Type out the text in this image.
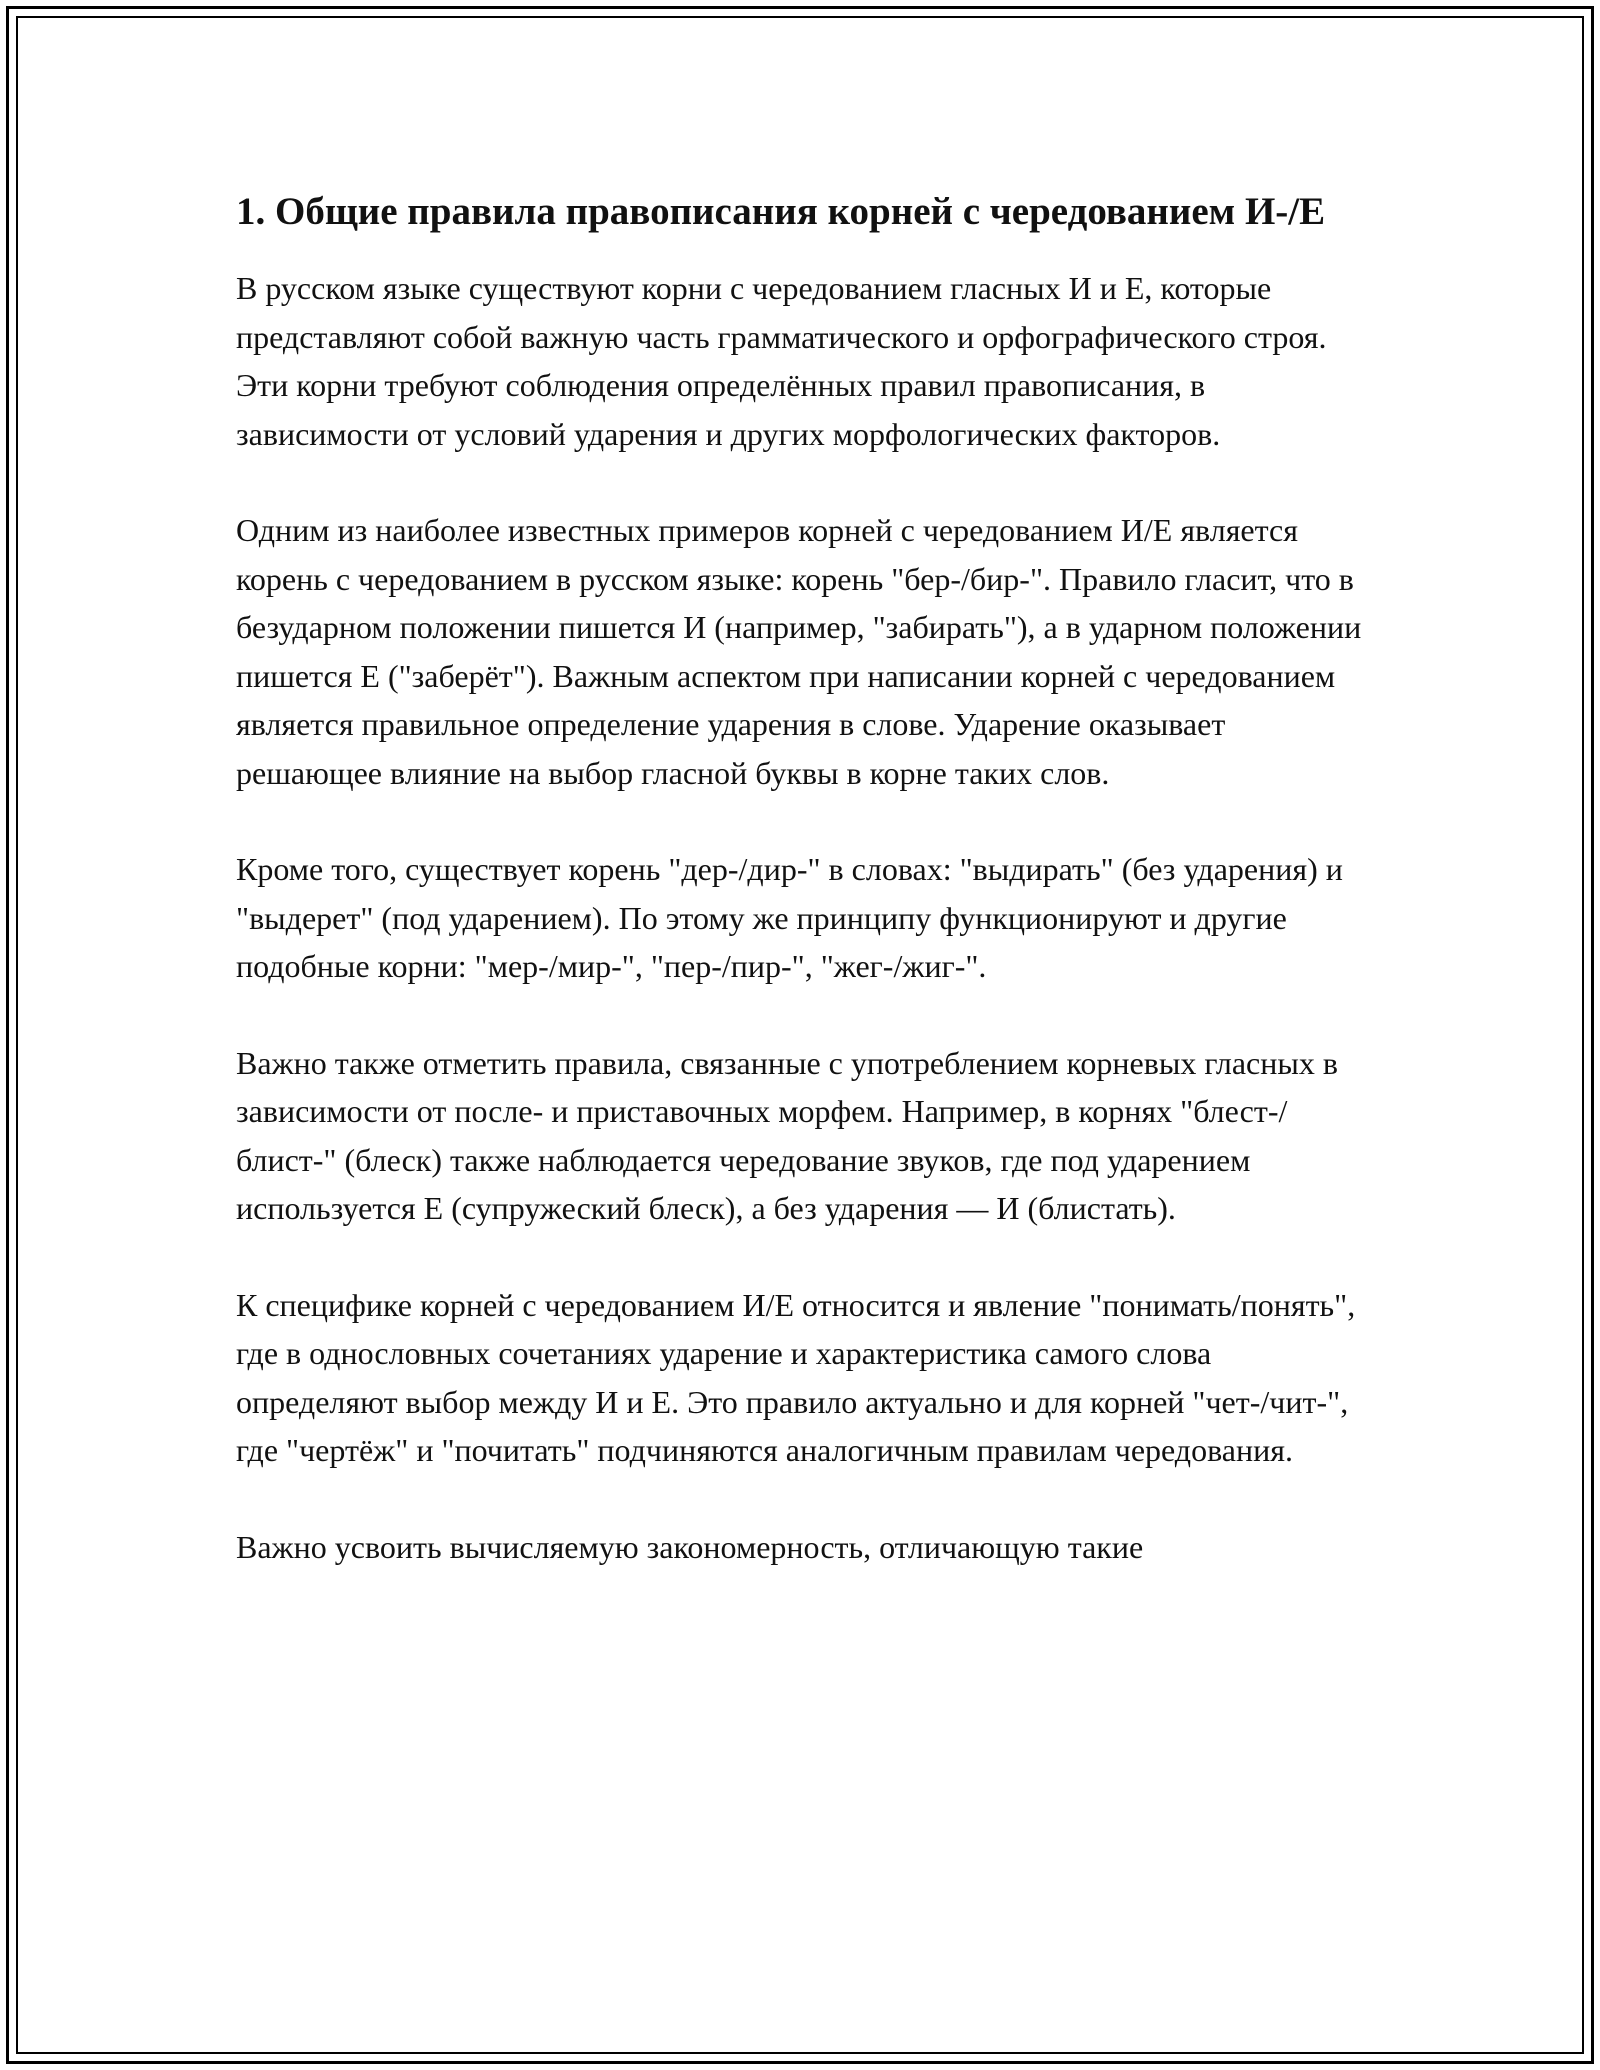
1. Общие правила правописания корней с чередованием И-/Е

В русском языке существуют корни с чередованием гласных И и Е, которые представляют собой важную часть грамматического и орфографического строя. Эти корни требуют соблюдения определённых правил правописания, в зависимости от условий ударения и других морфологических факторов.

Одним из наиболее известных примеров корней с чередованием И/Е является корень с чередованием в русском языке: корень "бер-/бир-". Правило гласит, что в безударном положении пишется И (например, "забирать"), а в ударном положении пишется Е ("заберёт"). Важным аспектом при написании корней с чередованием является правильное определение ударения в слове. Ударение оказывает решающее влияние на выбор гласной буквы в корне таких слов.

Кроме того, существует корень "дер-/дир-" в словах: "выдирать" (без ударения) и "выдерет" (под ударением). По этому же принципу функционируют и другие подобные корни: "мер-/мир-", "пер-/пир-", "жег-/жиг-".

Важно также отметить правила, связанные с употреблением корневых гласных в зависимости от после- и приставочных морфем. Например, в корнях "блест-/блист-" (блеск) также наблюдается чередование звуков, где под ударением используется Е (супружеский блеск), а без ударения — И (блистать).

К специфике корней с чередованием И/Е относится и явление "понимать/понять", где в однословных сочетаниях ударение и характеристика самого слова определяют выбор между И и Е. Это правило актуально и для корней "чет-/чит-", где "чертёж" и "почитать" подчиняются аналогичным правилам чередования.

Важно усвоить вычисляемую закономерность, отличающую такие
